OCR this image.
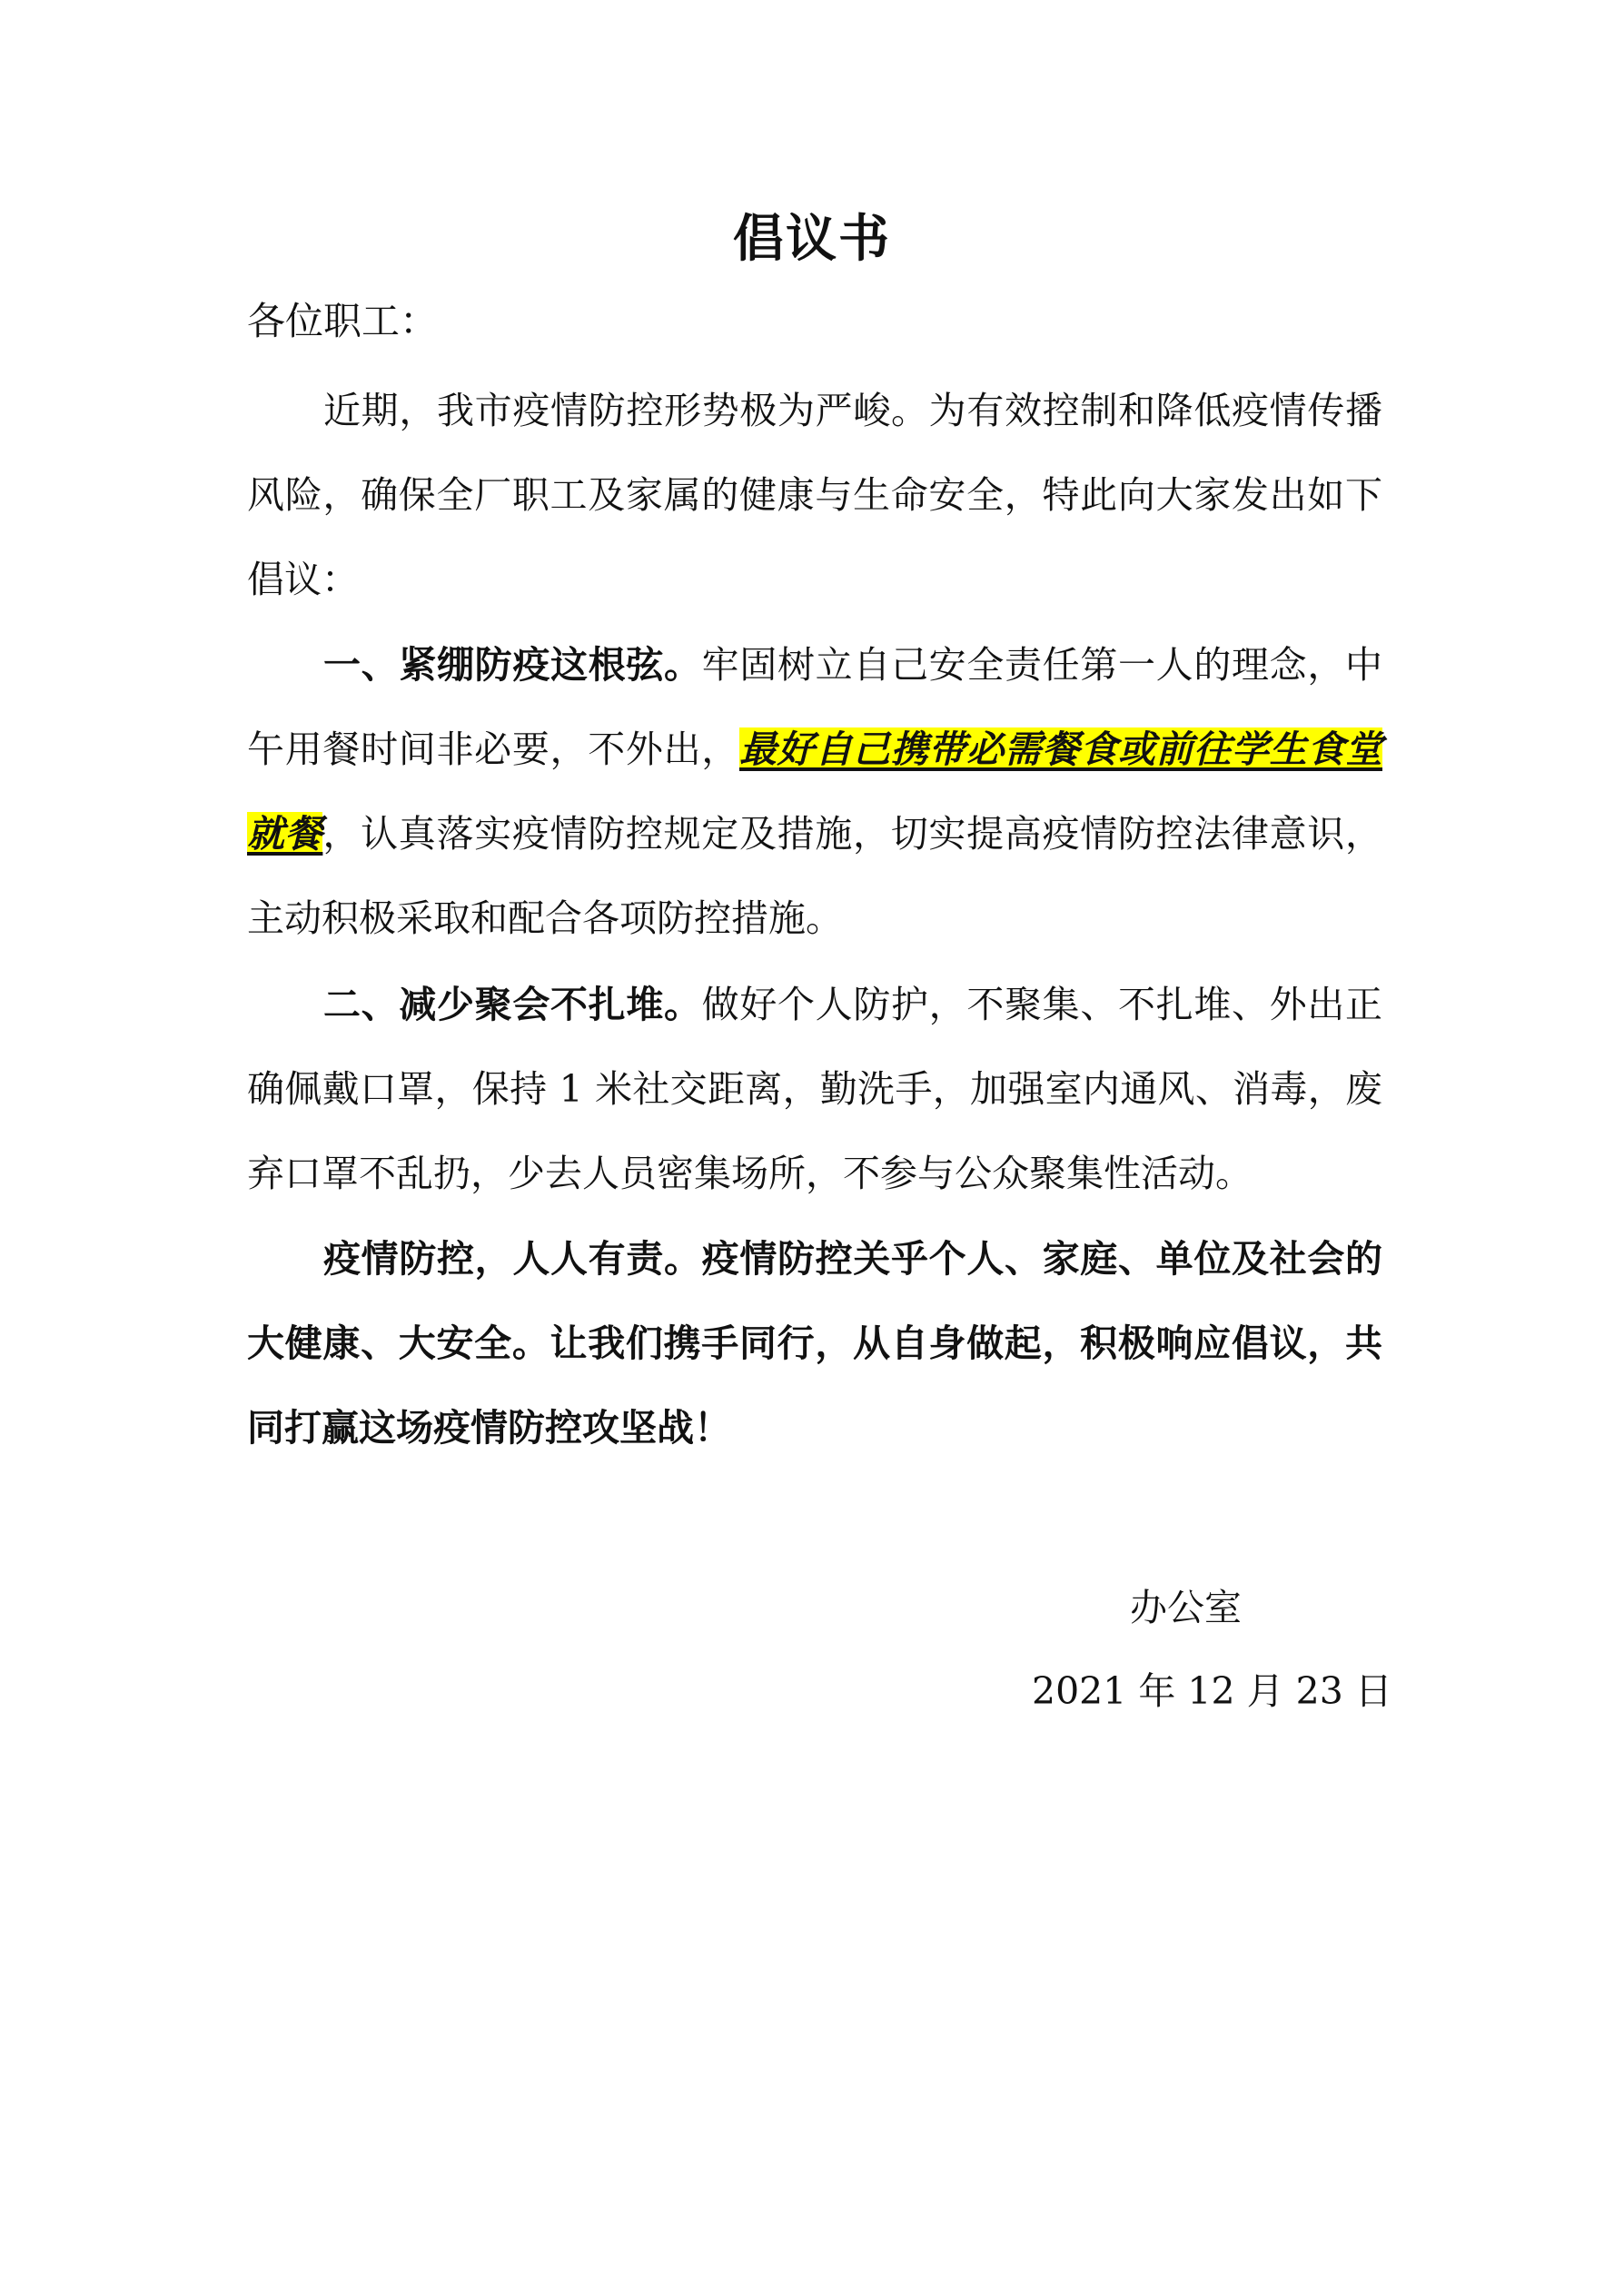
倡议书
各位职工：

近期，我市疫情防控形势极为严峻。为有效控制和降低疫情传播风险，确保全厂职工及家属的健康与生命安全，特此向大家发出如下倡议：

一、紧绷防疫这根弦。牢固树立自己安全责任第一人的理念，中午用餐时间非必要，不外出，最好自己携带必需餐食或前往学生食堂就餐，认真落实疫情防控规定及措施，切实提高疫情防控法律意识，主动积极采取和配合各项防控措施。

二、减少聚会不扎堆。做好个人防护，不聚集、不扎堆、外出正确佩戴口罩，保持 1 米社交距离，勤洗手，加强室内通风、消毒，废弃口罩不乱扔，少去人员密集场所，不参与公众聚集性活动。

疫情防控，人人有责。疫情防控关乎个人、家庭、单位及社会的大健康、大安全。让我们携手同行，从自身做起，积极响应倡议，共同打赢这场疫情防控攻坚战！

办公室
2021 年 12 月 23 日
